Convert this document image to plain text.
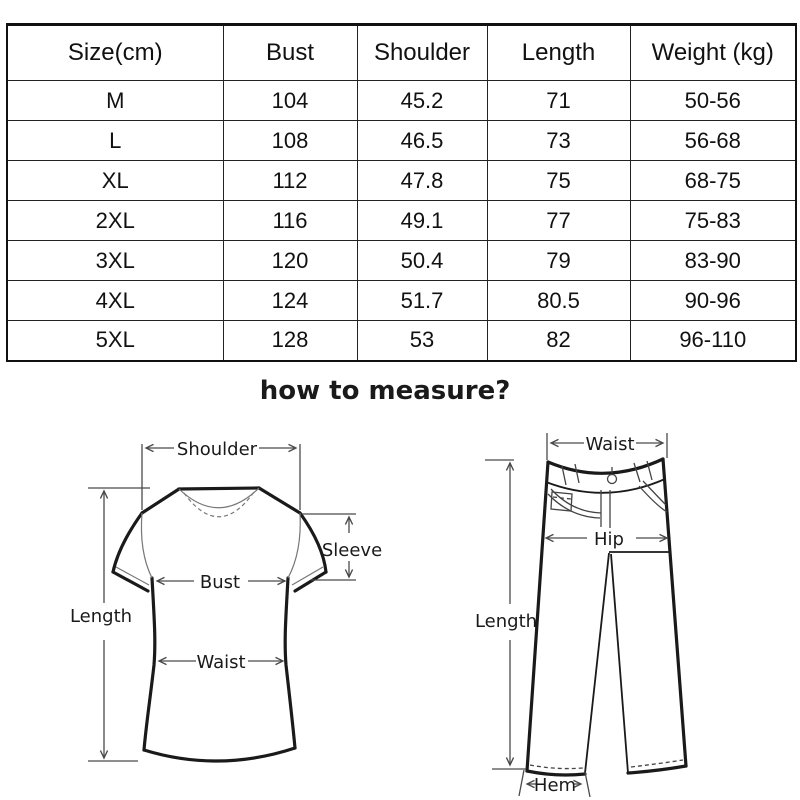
Size(cm)	Bust	Shoulder	Length	Weight (kg)
M	104	45.2	71	50-56
L	108	46.5	73	56-68
XL	112	47.8	75	68-75
2XL	116	49.1	77	75-83
3XL	120	50.4	79	83-90
4XL	124	51.7	80.5	90-96
5XL	128	53	82	96-110
how to measure?
Shoulder
Sleeve
Bust
Waist
Length
Waist
Hip
Length
Hem
